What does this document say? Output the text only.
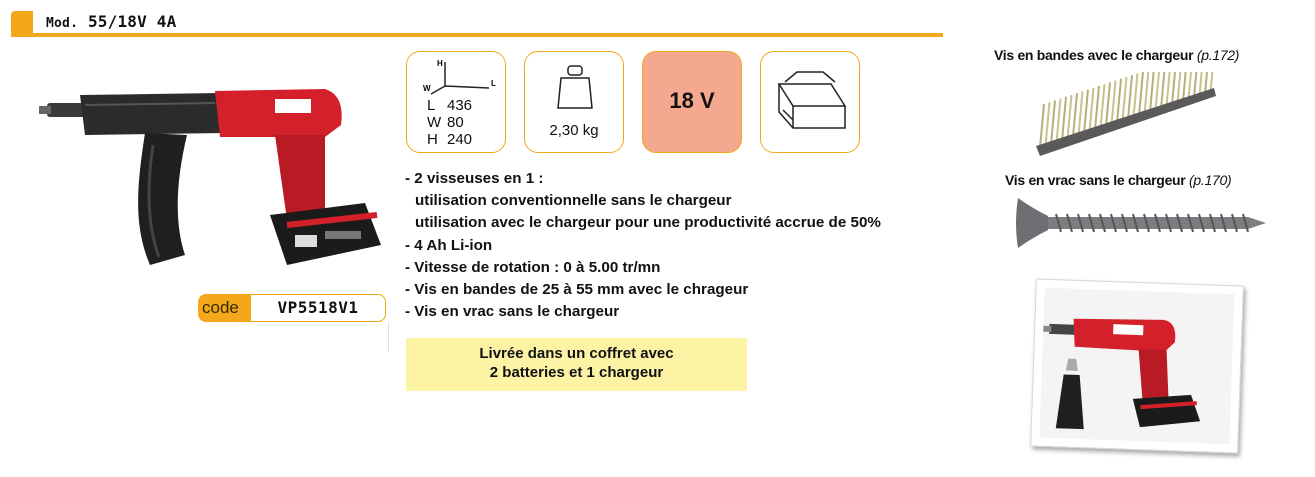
Mod. 55/18V 4A
code	VP5518V1
H
W
L
L 436
W 80
H 240
2,30 kg
18 V
- 2 visseuses en 1 :
utilisation conventionnelle sans le chargeur
utilisation avec le chargeur pour une productivité accrue de 50%
- 4 Ah Li-ion
- Vitesse de rotation : 0 à 5.00 tr/mn
- Vis en bandes de 25 à 55 mm avec le chrageur
- Vis en vrac sans le chargeur
Livrée dans un coffret avec
2 batteries et 1 chargeur
Vis en bandes avec le chargeur (p.172)
Vis en vrac sans le chargeur (p.170)
